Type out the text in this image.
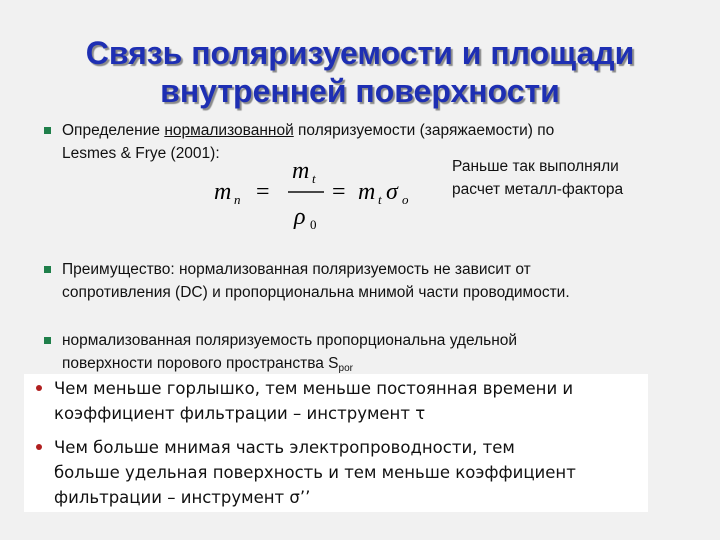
Связь поляризуемости и площади
внутренней поверхности
Определение нормализованной поляризуемости (заряжаемости) по
Lesmes & Frye (2001):
m n =
m t
ρ 0
= m t σ o
Раньше так выполняли
расчет металл-фактора
Преимущество: нормализованная поляризуемость не зависит от
сопротивления (DC) и пропорциональна мнимой части проводимости.
нормализованная поляризуемость пропорциональна удельной
поверхности порового пространства $S_{por}$
Чем меньше горлышко, тем меньше постоянная времени и
коэффициент фильтрации – инструмент τ
Чем больше мнимая часть электропроводности, тем
больше удельная поверхность и тем меньше коэффициент
фильтрации – инструмент σ’’
